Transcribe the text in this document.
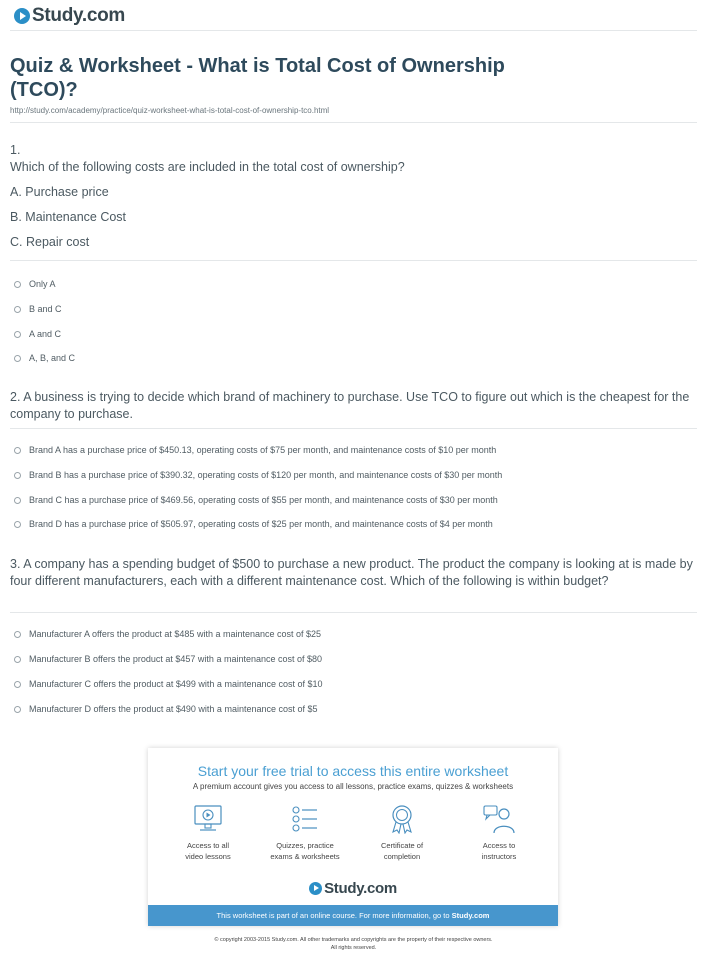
Study.com
Quiz & Worksheet - What is Total Cost of Ownership (TCO)?
http://study.com/academy/practice/quiz-worksheet-what-is-total-cost-of-ownership-tco.html
1.

Which of the following costs are included in the total cost of ownership?

A. Purchase price

B. Maintenance Cost

C. Repair cost

Only A
B and C
A and C
A, B, and C

2. A business is trying to decide which brand of machinery to purchase. Use TCO to figure out which is the cheapest for the company to purchase.

Brand A has a purchase price of $450.13, operating costs of $75 per month, and maintenance costs of $10 per month
Brand B has a purchase price of $390.32, operating costs of $120 per month, and maintenance costs of $30 per month
Brand C has a purchase price of $469.56, operating costs of $55 per month, and maintenance costs of $30 per month
Brand D has a purchase price of $505.97, operating costs of $25 per month, and maintenance costs of $4 per month

3. A company has a spending budget of $500 to purchase a new product. The product the company is looking at is made by four different manufacturers, each with a different maintenance cost. Which of the following is within budget?

Manufacturer A offers the product at $485 with a maintenance cost of $25
Manufacturer B offers the product at $457 with a maintenance cost of $80
Manufacturer C offers the product at $499 with a maintenance cost of $10
Manufacturer D offers the product at $490 with a maintenance cost of $5
Start your free trial to access this entire worksheet
A premium account gives you access to all lessons, practice exams, quizzes & worksheets
Access to all
video lessons
Quizzes, practice
exams & worksheets
Certificate of
completion
Access to
instructors
Study.com
This worksheet is part of an online course. For more information, go to Study.com
© copyright 2003-2015 Study.com. All other trademarks and copyrights are the property of their respective owners.
All rights reserved.
